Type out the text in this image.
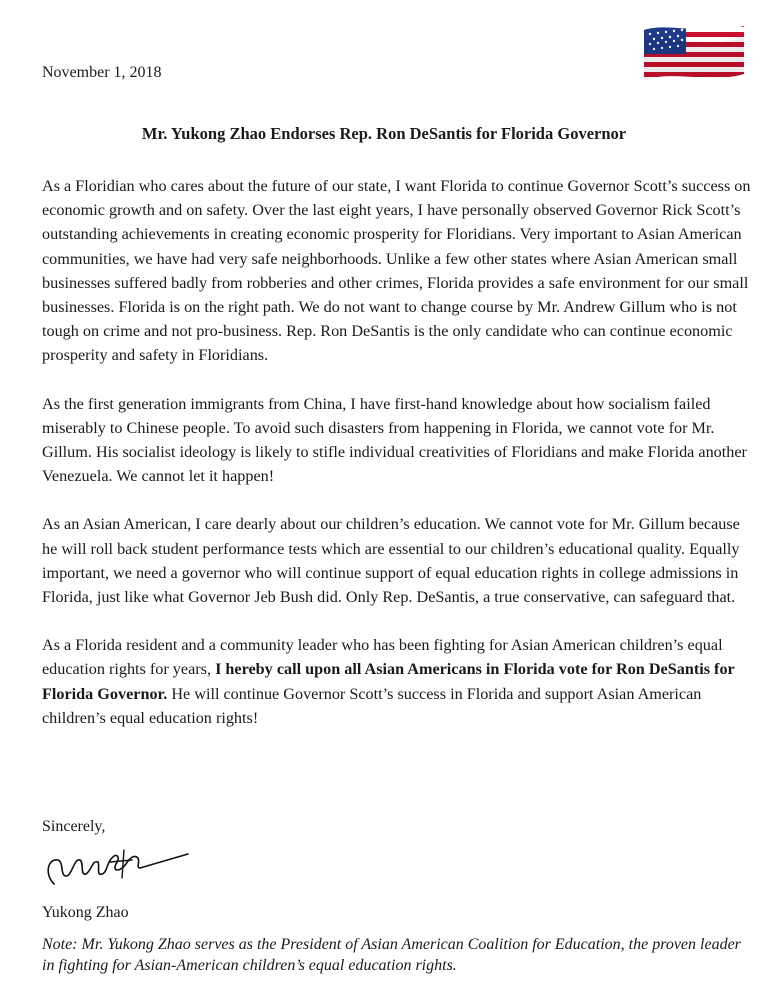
November 1, 2018
Mr. Yukong Zhao Endorses Rep. Ron DeSantis for Florida Governor

As a Floridian who cares about the future of our state, I want Florida to continue Governor Scott’s success on economic growth and on safety. Over the last eight years, I have personally observed Governor Rick Scott’s outstanding achievements in creating economic prosperity for Floridians. Very important to Asian American communities, we have had very safe neighborhoods. Unlike a few other states where Asian American small businesses suffered badly from robberies and other crimes, Florida provides a safe environment for our small businesses. Florida is on the right path. We do not want to change course by Mr. Andrew Gillum who is not tough on crime and not pro-business. Rep. Ron DeSantis is the only candidate who can continue economic prosperity and safety in Floridians.

As the first generation immigrants from China, I have first-hand knowledge about how socialism failed miserably to Chinese people. To avoid such disasters from happening in Florida, we cannot vote for Mr. Gillum. His socialist ideology is likely to stifle individual creativities of Floridians and make Florida another Venezuela. We cannot let it happen!

As an Asian American, I care dearly about our children’s education. We cannot vote for Mr. Gillum because he will roll back student performance tests which are essential to our children’s educational quality. Equally important, we need a governor who will continue support of equal education rights in college admissions in Florida, just like what Governor Jeb Bush did. Only Rep. DeSantis, a true conservative, can safeguard that.

As a Florida resident and a community leader who has been fighting for Asian American children’s equal education rights for years, I hereby call upon all Asian Americans in Florida vote for Ron DeSantis for Florida Governor. He will continue Governor Scott’s success in Florida and support Asian American children’s equal education rights!

Sincerely,
Yukong Zhao
Note: Mr. Yukong Zhao serves as the President of Asian American Coalition for Education, the proven leader in fighting for Asian-American children’s equal education rights.
